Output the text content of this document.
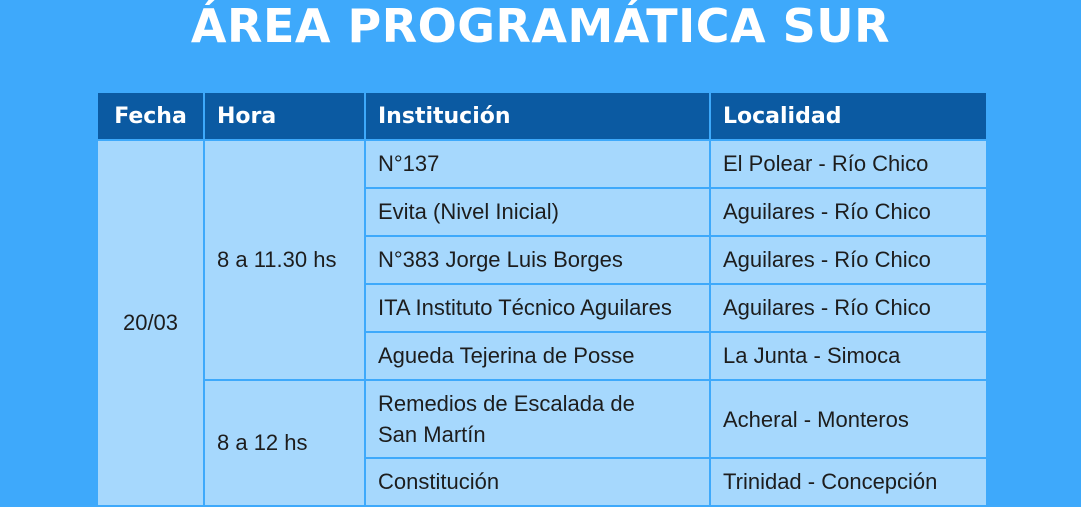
ÁREA PROGRAMÁTICA SUR
Fecha	Hora	Institución	Localidad
20/03	8 a 11.30 hs	N°137	El Polear - Río Chico
		Evita (Nivel Inicial)	Aguilares - Río Chico
		N°383 Jorge Luis Borges	Aguilares - Río Chico
		ITA Instituto Técnico Aguilares	Aguilares - Río Chico
		Agueda Tejerina de Posse	La Junta - Simoca
	8 a 12 hs	Remedios de Escalada de San Martín	Acheral - Monteros
		Constitución	Trinidad - Concepción
